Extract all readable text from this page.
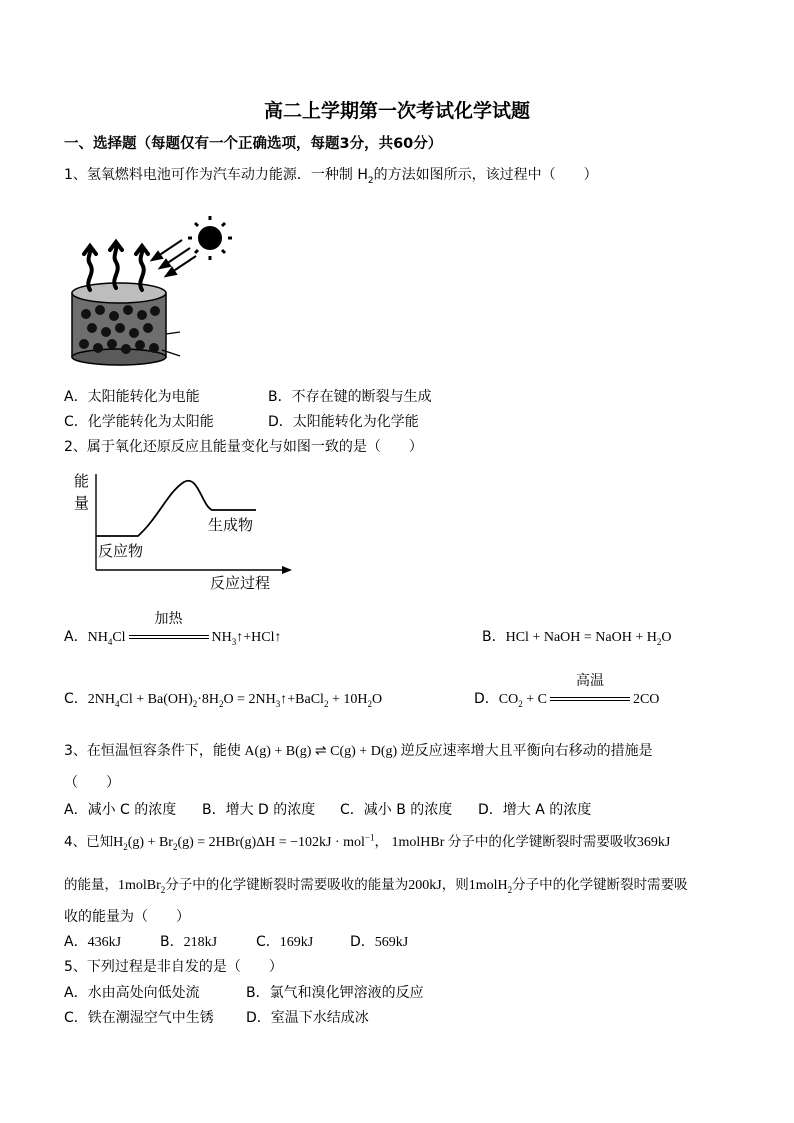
高二上学期第一次考试化学试题
一、选择题（每题仅有一个正确选项，每题3分，共60分）
1、氢氧燃料电池可作为汽车动力能源．一种制 $H_2$的方法如图所示，该过程中（　　）
A．太阳能转化为电能	B．不存在键的断裂与生成
C．化学能转化为太阳能	D．太阳能转化为化学能
2、属于氧化还原反应且能量变化与如图一致的是（　　）
能
量
生成物
反应物
反应过程
A．$NH_4Cl$
加热
$NH_3↑+HCl↑$	B．HCl + NaOH = NaOH + $H_2O$
C．$2NH_4Cl + Ba(OH)_2\cdot 8H_2O$ = $2NH_3↑+BaCl_2 + 10H_2O$	D．$CO_2 + C$
高温
2CO
3、在恒温恒容条件下，能使 A(g) + B(g) ⇌ C(g) + D(g) 逆反应速率增大且平衡向右移动的措施是
（　　）
A．减小 C 的浓度 B．增大 D 的浓度 C．减小 B 的浓度 D．增大 A 的浓度
4、已知$H_2(g) + Br_2(g) = 2HBr(g)\Delta H = -102kJ \cdot mol^{-1}$， 1molHBr 分子中的化学键断裂时需要吸收369kJ
的能量，1molBr$_2$分子中的化学键断裂时需要吸收的能量为200kJ，则1molH$_2$分子中的化学键断裂时需要吸
收的能量为（　　）
A．436kJ	B．218kJ	C．169kJ	D．569kJ
5、下列过程是非自发的是（　　）
A．水由高处向低处流	B．氯气和溴化钾溶液的反应
C．铁在潮湿空气中生锈 D．室温下水结成冰
